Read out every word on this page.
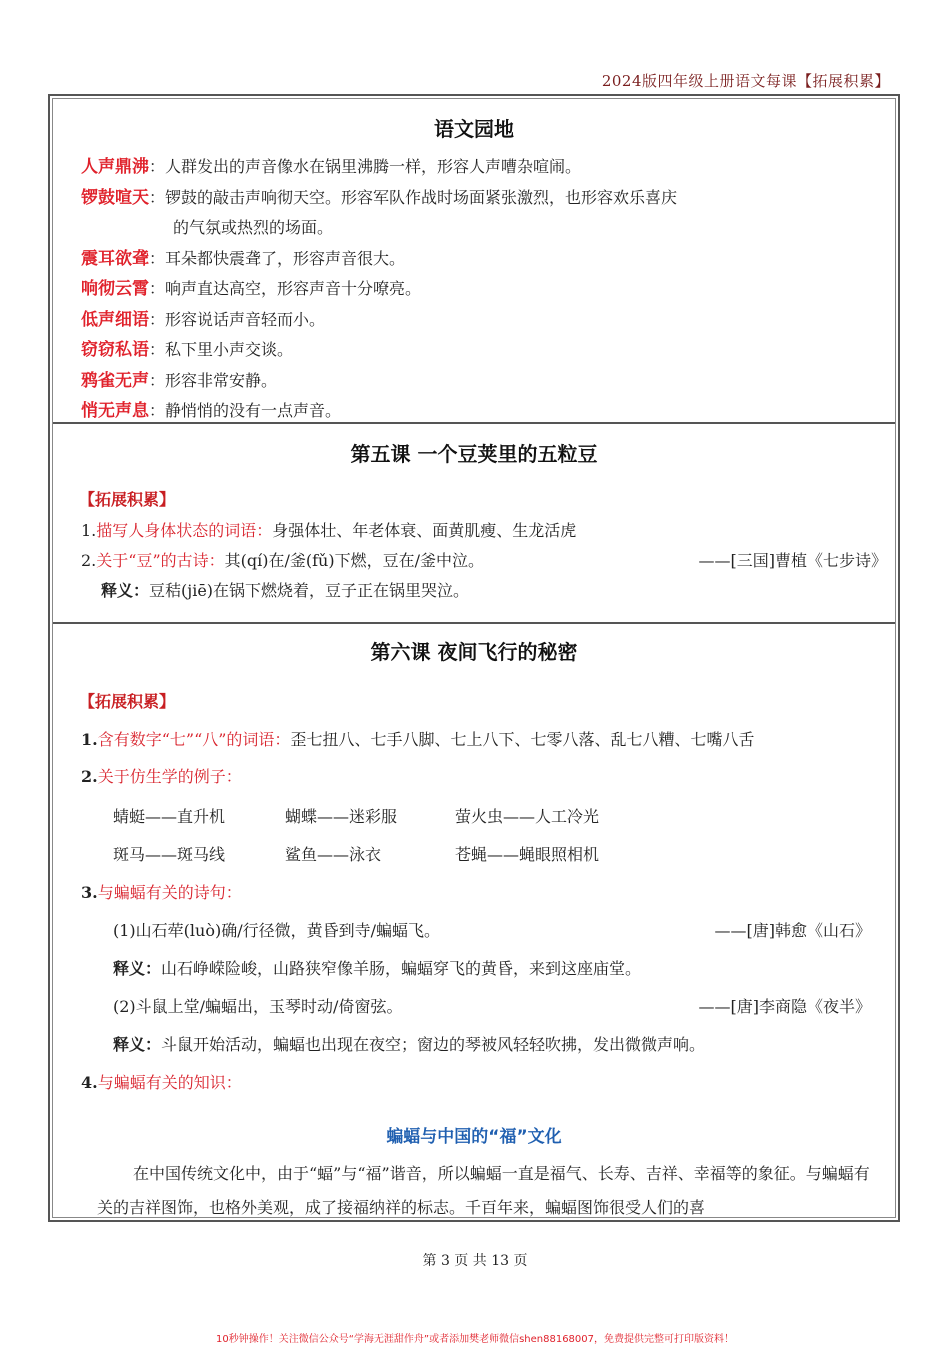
2024版四年级上册语文每课【拓展积累】
语文园地
人声鼎沸 ： 人群发出的声音像水在锅里沸腾一样，形容人声嘈杂喧闹。
锣鼓喧天 ： 锣鼓的敲击声响彻天空。形容军队作战时场面紧张激烈，也形容欢乐喜庆
的气氛或热烈的场面。
震耳欲聋 ： 耳朵都快震聋了，形容声音很大。
响彻云霄 ： 响声直达高空，形容声音十分嘹亮。
低声细语 ： 形容说话声音轻而小。
窃窃私语 ： 私下里小声交谈。
鸦雀无声 ： 形容非常安静。
悄无声息 ： 静悄悄的没有一点声音。
第五课 一个豆荚里的五粒豆
【拓展积累】
1.描写人身体状态的词语：身强体壮、年老体衰、面黄肌瘦、生龙活虎
2.关于“豆”的古诗：其(qí)在/釜(fǔ)下燃，豆在/釜中泣。	——[三国]曹植《七步诗》
释义：豆秸(jiē)在锅下燃烧着，豆子正在锅里哭泣。
第六课 夜间飞行的秘密
【拓展积累】
1.含有数字“七”“八”的词语：歪七扭八、七手八脚、七上八下、七零八落、乱七八糟、七嘴八舌
2.关于仿生学的例子：
蜻蜓——直升机	蝴蝶——迷彩服	萤火虫——人工冷光
斑马——斑马线	鲨鱼——泳衣	苍蝇——蝇眼照相机
3.与蝙蝠有关的诗句：
(1)山石荦(luò)确/行径微，黄昏到寺/蝙蝠飞。	——[唐]韩愈《山石》
释义：山石峥嵘险峻，山路狭窄像羊肠，蝙蝠穿飞的黄昏，来到这座庙堂。
(2)斗鼠上堂/蝙蝠出，玉琴时动/倚窗弦。	——[唐]李商隐《夜半》
释义：斗鼠开始活动，蝙蝠也出现在夜空；窗边的琴被风轻轻吹拂，发出微微声响。
4.与蝙蝠有关的知识：
蝙蝠与中国的“福”文化
在中国传统文化中，由于“蝠”与“福”谐音，所以蝙蝠一直是福气、长寿、吉祥、幸福等的象征。与蝙蝠有关的吉祥图饰，也格外美观，成了接福纳祥的标志。千百年来，蝙蝠图饰很受人们的喜
第 3 页 共 13 页
10秒钟操作！关注微信公众号“学海无涯甜作舟”或者添加樊老师微信shen88168007，免费提供完整可打印版资料！
